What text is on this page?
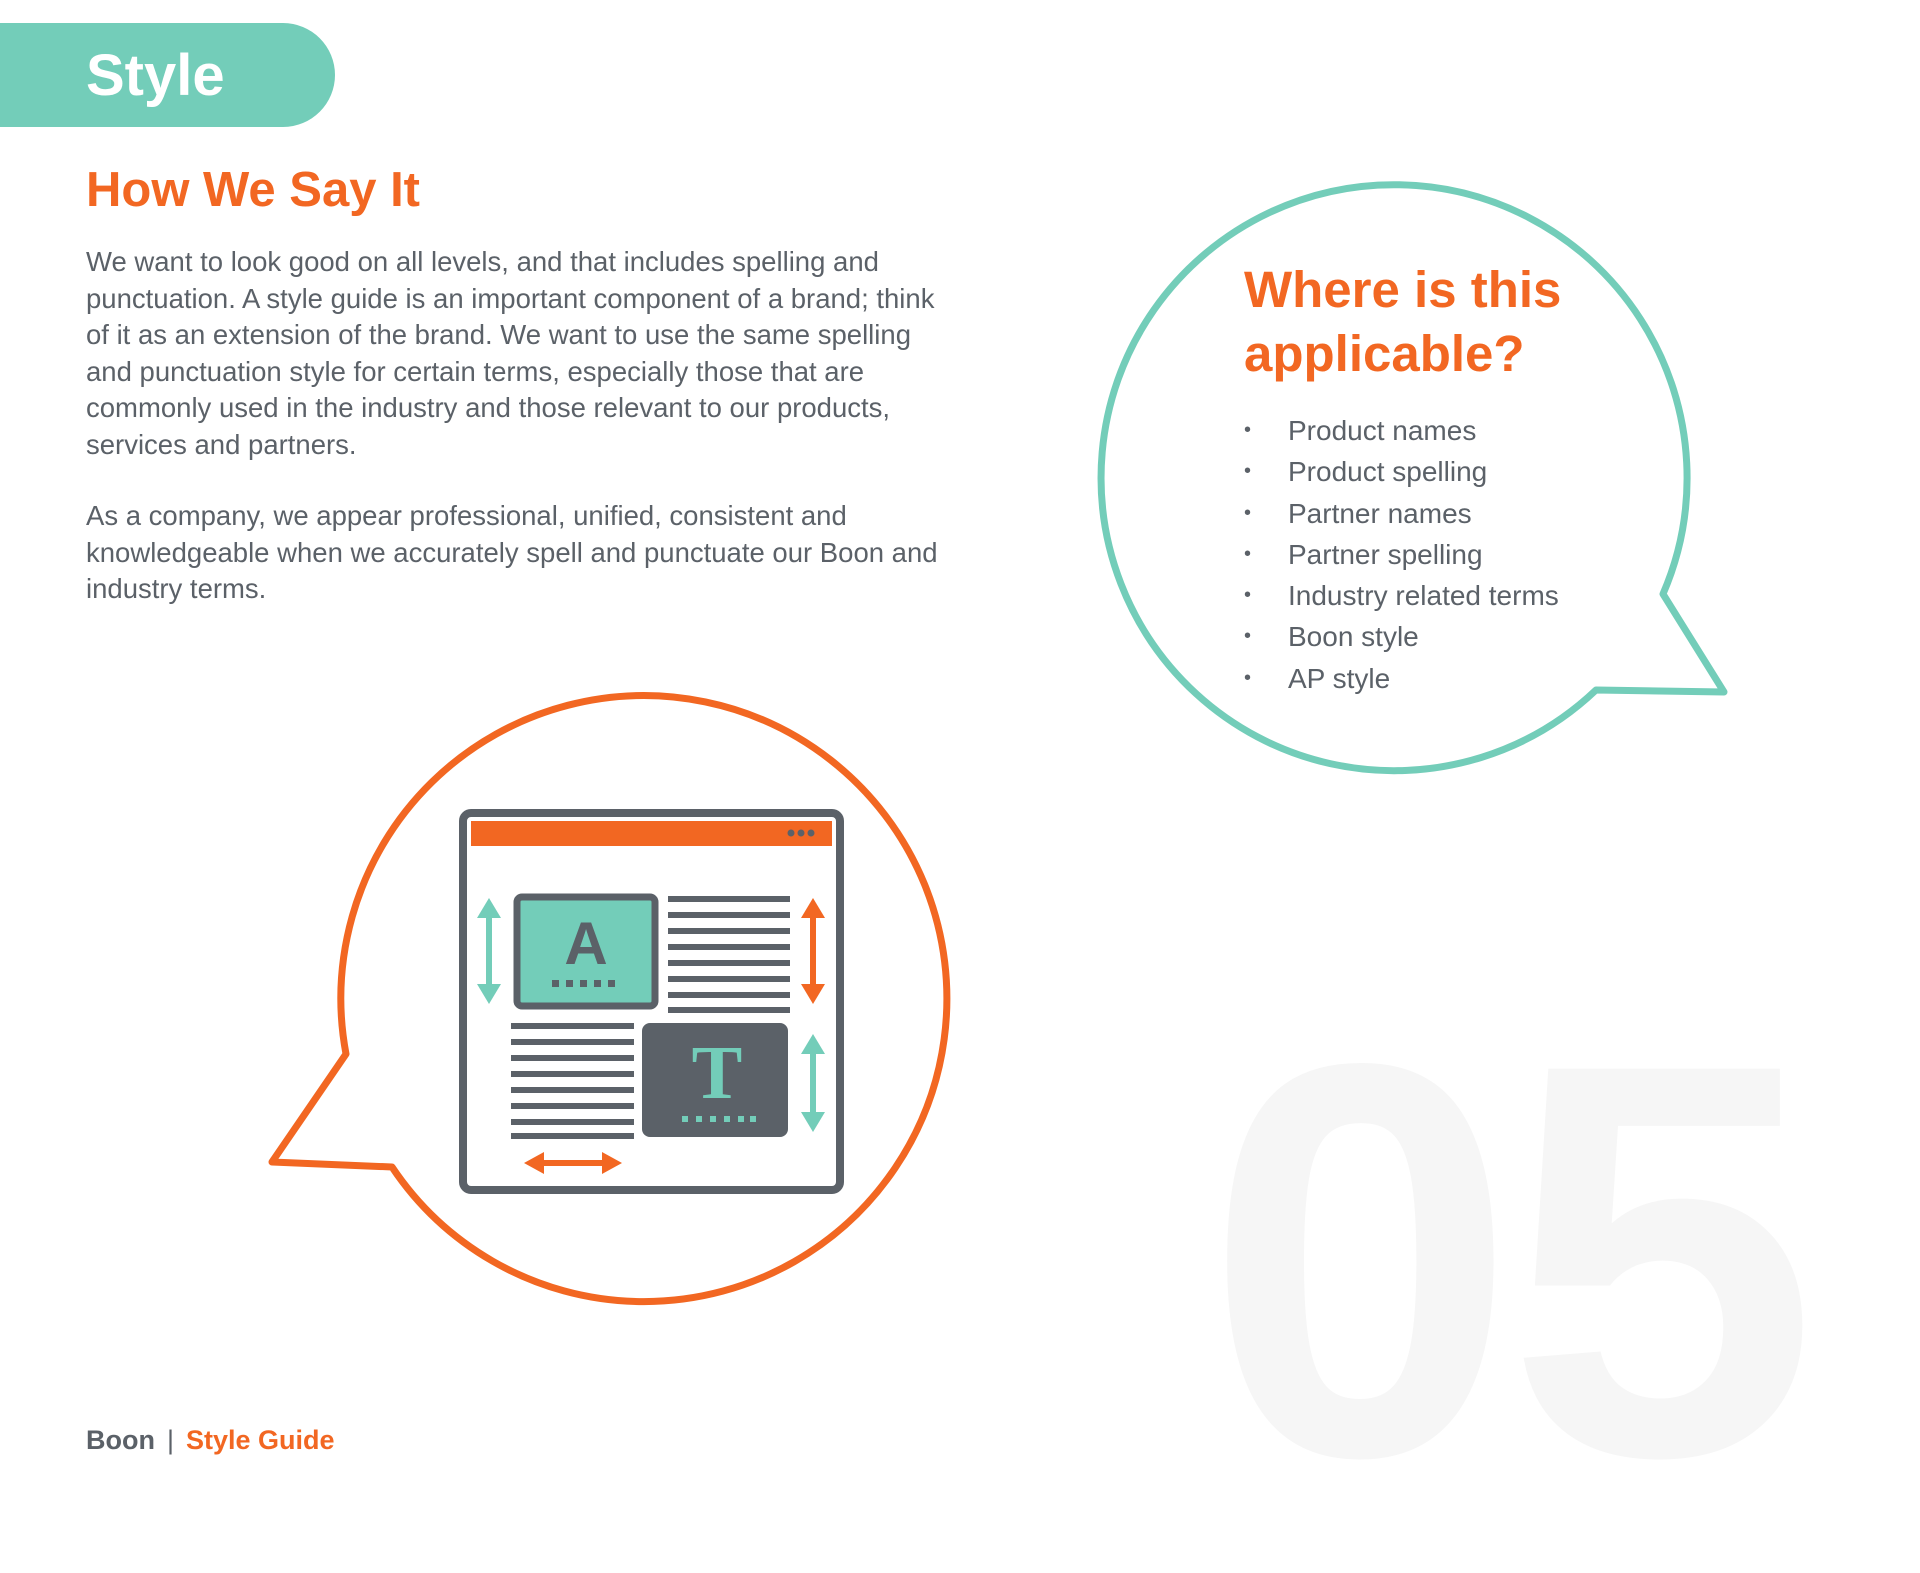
05
Style
How We Say It

We want to look good on all levels, and that includes spelling and punctuation. A style guide is an important component of a brand; think of it as an extension of the brand. We want to use the same spelling and punctuation style for certain terms, especially those that are commonly used in the industry and those relevant to our products, services and partners.

As a company, we appear professional, unified, consistent and knowledgeable when we accurately spell and punctuate our Boon and industry terms.

A
T
Where is this applicable?
• Product names
• Product spelling
• Partner names
• Partner spelling
• Industry related terms
• Boon style
• AP style
Boon | Style Guide
